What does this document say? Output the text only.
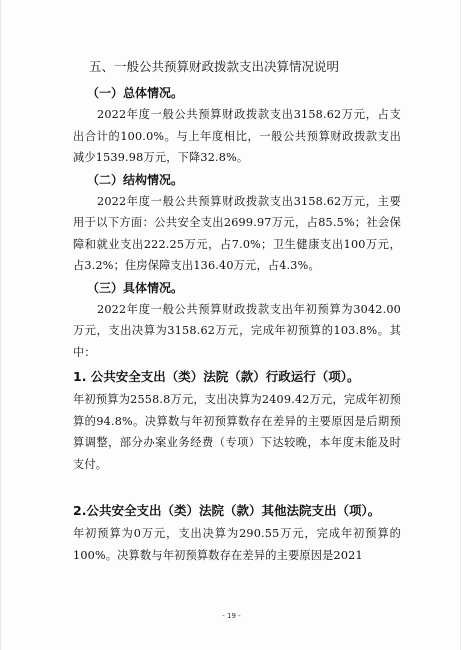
五、一般公共预算财政拨款支出决算情况说明
（一）总体情况。

2022年度一般公共预算财政拨款支出3158.62万元，占支出合计的100.0%。与上年度相比，一般公共预算财政拨款支出减少1539.98万元，下降32.8%。

（二）结构情况。

2022年度一般公共预算财政拨款支出3158.62万元，主要用于以下方面：公共安全支出2699.97万元，占85.5%；社会保障和就业支出222.25万元，占7.0%；卫生健康支出100万元，占3.2%；住房保障支出136.40万元，占4.3%。

（三）具体情况。

2022年度一般公共预算财政拨款支出年初预算为3042.00万元，支出决算为3158.62万元，完成年初预算的103.8%。其中：

1. 公共安全支出（类）法院（款）行政运行（项）。

年初预算为2558.8万元，支出决算为2409.42万元，完成年初预算的94.8%。决算数与年初预算数存在差异的主要原因是后期预算调整，部分办案业务经费（专项）下达较晚，本年度未能及时支付。

2.公共安全支出（类）法院（款）其他法院支出（项）。

年初预算为0万元，支出决算为290.55万元，完成年初预算的100%。决算数与年初预算数存在差异的主要原因是2021

- 19 -
